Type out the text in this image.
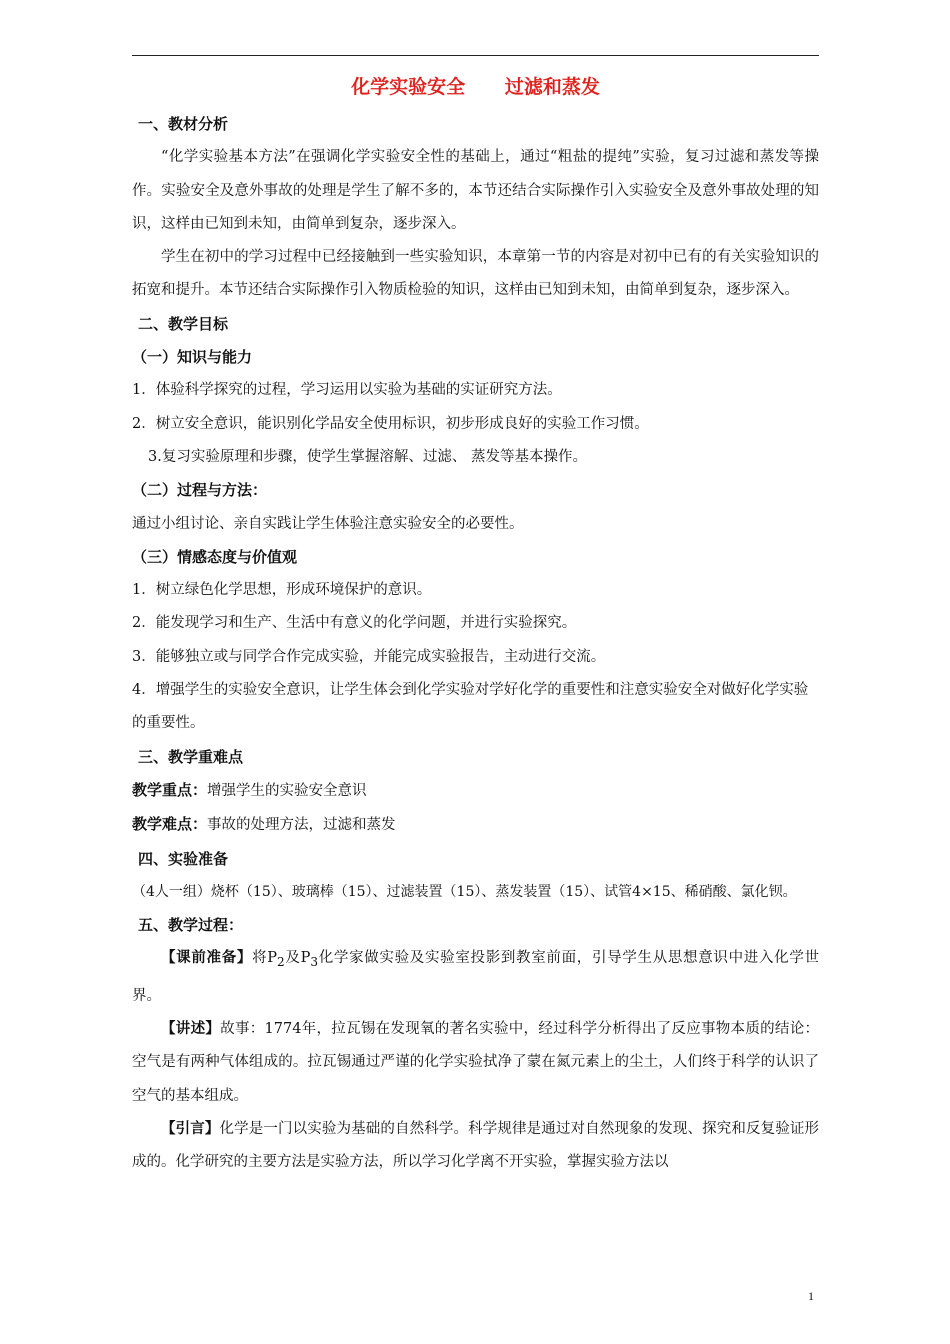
化学实验安全      过滤和蒸发
一、教材分析
“化学实验基本方法”在强调化学实验安全性的基础上，通过“粗盐的提纯”实验，复习过滤和蒸发等操作。实验安全及意外事故的处理是学生了解不多的，本节还结合实际操作引入实验安全及意外事故处理的知识，这样由已知到未知，由简单到复杂，逐步深入。
学生在初中的学习过程中已经接触到一些实验知识，本章第一节的内容是对初中已有的有关实验知识的拓宽和提升。本节还结合实际操作引入物质检验的知识，这样由已知到未知，由简单到复杂，逐步深入。
二、教学目标
（一）知识与能力
1．体验科学探究的过程，学习运用以实验为基础的实证研究方法。
2．树立安全意识，能识别化学品安全使用标识，初步形成良好的实验工作习惯。
3.复习实验原理和步骤，使学生掌握溶解、过滤、 蒸发等基本操作。
（二）过程与方法：
通过小组讨论、亲自实践让学生体验注意实验安全的必要性。
（三）情感态度与价值观
1．树立绿色化学思想，形成环境保护的意识。
2．能发现学习和生产、生活中有意义的化学问题，并进行实验探究。
3．能够独立或与同学合作完成实验，并能完成实验报告，主动进行交流。
4．增强学生的实验安全意识，让学生体会到化学实验对学好化学的重要性和注意实验安全对做好化学实验的重要性。
三、教学重难点
教学重点：增强学生的实验安全意识
教学难点：事故的处理方法，过滤和蒸发
四、实验准备
（4人一组）烧杯（15）、玻璃棒（15）、过滤装置（15）、蒸发装置（15）、试管4×15、稀硝酸、氯化钡。
五、教学过程：
【课前准备】将$P_2$及$P_3$化学家做实验及实验室投影到教室前面，引导学生从思想意识中进入化学世界。
【讲述】故事：1774年，拉瓦锡在发现氧的著名实验中，经过科学分析得出了反应事物本质的结论：空气是有两种气体组成的。拉瓦锡通过严谨的化学实验拭净了蒙在氮元素上的尘土，人们终于科学的认识了空气的基本组成。
【引言】化学是一门以实验为基础的自然科学。科学规律是通过对自然现象的发现、探究和反复验证形成的。化学研究的主要方法是实验方法，所以学习化学离不开实验，掌握实验方法以
1
